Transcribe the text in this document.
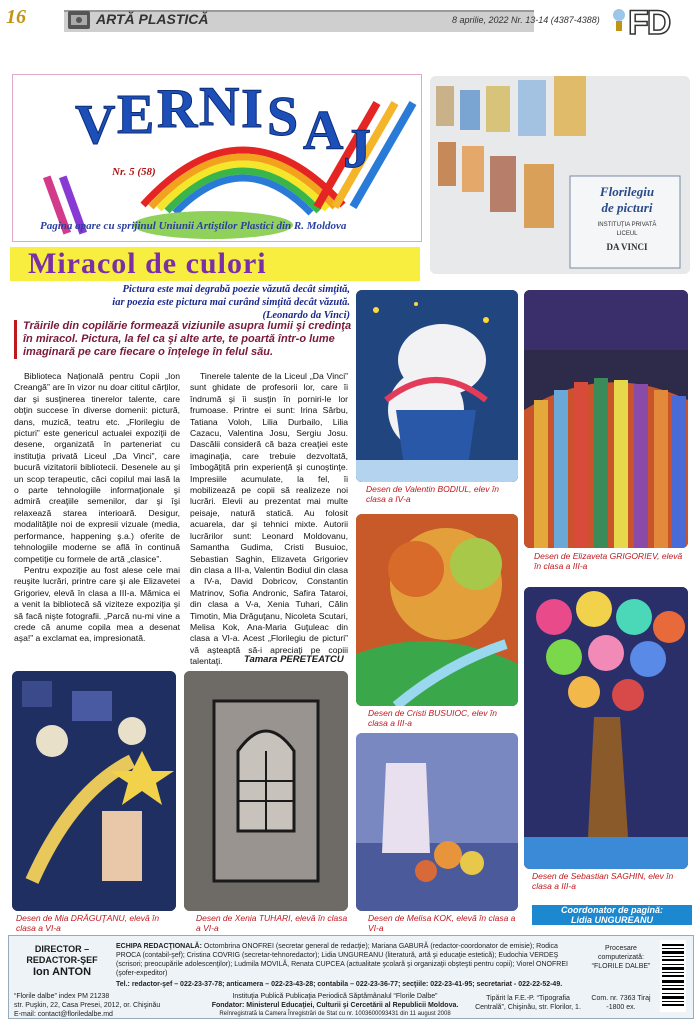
16	ARTĂ PLASTICĂ	8 aprilie, 2022 Nr. 13-14 (4387-4388) FD
V E R N I S A J
Nr. 5 (58)
Pagina apare cu sprijinul Uniunii Artiştilor Plastici din R. Moldova
Florilegiu
de picturi
INSTITUȚIA PRIVATĂ
LICEUL
DA VINCI
Miracol de culori
Pictura este mai degrabă poezie văzută decât simţită,
iar poezia este pictura mai curând simţită decât văzută.
(Leonardo da Vinci)
Trăirile din copilărie formează viziunile asupra lumii şi credinţa în miracol. Pictura, la fel ca şi alte arte, te poartă într-o lume imaginară pe care fiecare o înţelege în felul său.

Biblioteca Naţională pentru Copii „Ion Creangă” are în vizor nu doar cititul cărţilor, dar şi susţinerea tinerelor talente, care obţin succese în diverse domenii: pictură, dans, muzică, teatru etc. „Florilegiu de picturi” este genericul actualei expoziţii de desene, organizată în parteneriat cu instituţia privată Liceul „Da Vinci”, care bucură vizitatorii bibliotecii. Desenele au şi un scop terapeutic, căci copilul mai lasă la o parte tehnologiile informaţionale şi admiră creaţiile semenilor, dar şi îşi relaxează starea interioară. Desigur, modalităţile noi de expresii vizuale (media, performance, happening ş.a.) oferite de tehnologiile moderne se află în continuă competiţie cu formele de artă „clasice”.

Pentru expoziţie au fost alese cele mai reuşite lucrări, printre care şi ale Elizavetei Grigoriev, elevă în clasa a III-a. Mămica ei a venit la bibliotecă să viziteze expoziţia şi să facă nişte fotografii. „Parcă nu-mi vine a crede că anume copila mea a desenat aşa!” a exclamat ea, impresionată.

Tinerele talente de la Liceul „Da Vinci” sunt ghidate de profesorii lor, care îi îndrumă şi îi susţin în porniri-le lor frumoase. Printre ei sunt: Irina Sârbu, Tatiana Voloh, Lilia Durbailo, Lilia Cazacu, Valentina Josu, Sergiu Josu. Dascălii consideră că baza creaţiei este imaginaţia, care trebuie dezvoltată, îmbogăţită prin experienţă şi cunoştinţe. Impresiile acumulate, la fel, îi mobilizează pe copii să realizeze noi lucrări. Elevii au prezentat mai multe peisaje, natură statică. Au folosit acuarela, dar şi tehnici mixte. Autorii lucrărilor sunt: Leonard Moldovanu, Samantha Gudima, Cristi Busuioc, Sebastian Saghin, Elizaveta Grigoriev din clasa a III-a, Valentin Bodiul din clasa a IV-a, David Dobricov, Constantin Matrinov, Sofia Andronic, Safira Tataroi, din clasa a V-a, Xenia Tuhari, Călin Timotin, Mia Drăguţanu, Nicoleta Scutari, Melisa Kok, Ana-Maria Guţuleac din clasa a VI-a. Acest „Florilegiu de picturi” vă aşteaptă să-i apreciaţi pe copiii talentaţi.	Tamara PERETEATCU
Desen de Valentin BODIUL, elev în clasa a IV-a
Desen de Elizaveta GRIGORIEV, elevă în clasa a III-a
Desen de Cristi BUSUIOC, elev în clasa a III-a
Desen de Sebastian SAGHIN, elev în clasa a III-a
Desen de Mia DRĂGUŢANU, elevă în clasa a VI-a
Desen de Xenia TUHARI, elevă în clasa a VI-a
Desen de Melisa KOK, elevă în clasa a VI-a
Coordonator de pagină:
Lidia UNGUREANU
DIRECTOR – REDACTOR-ŞEF
Ion ANTON
ECHIPA REDACŢIONALĂ: Octombrina ONOFREI (secretar general de redacţie); Mariana GABURĂ (redactor-coordonator de emisie); Rodica PROCA (contabil-şef); Cristina COVRIG (secretar-tehnoredactor); Lidia UNGUREANU (literatură, artă şi educaţie estetică); Eudochia VERDEŞ (scrisori; preocupările adolescenţilor); Ludmila MOVILĂ, Renata CUPCEA (actualitate şcolară şi organizaţii obşteşti pentru copii); Viorel ONOFREI (şofer-expeditor)
Tel.: redactor-şef – 022-23-37-78; anticamera – 022-23-43-28; contabila – 022-23-36-77; secţiile: 022-23-41-95; secretariat - 022-22-52-49.
Procesare computerizată: “FLORILE DALBE”
“Florile dalbe” index PM 21238
str. Puşkin, 22, Casa Presei, 2012, or. Chişinău
E-mail: contact@floriledalbe.md
Instituţia Publică Publicaţia Periodică Săptămânalul “Florile Dalbe”
Fondator: Ministerul Educaţiei, Culturii şi Cercetării al Republicii Moldova.
Reînregistrată la Camera Înregistrări de Stat cu nr. 1003600093431 din 11 august 2008
Tipărit la F.E.-P. “Tipografia Centrală”, Chişinău, str. Florilor, 1.
Com. nr. 7363 Tiraj -1800 ex.
